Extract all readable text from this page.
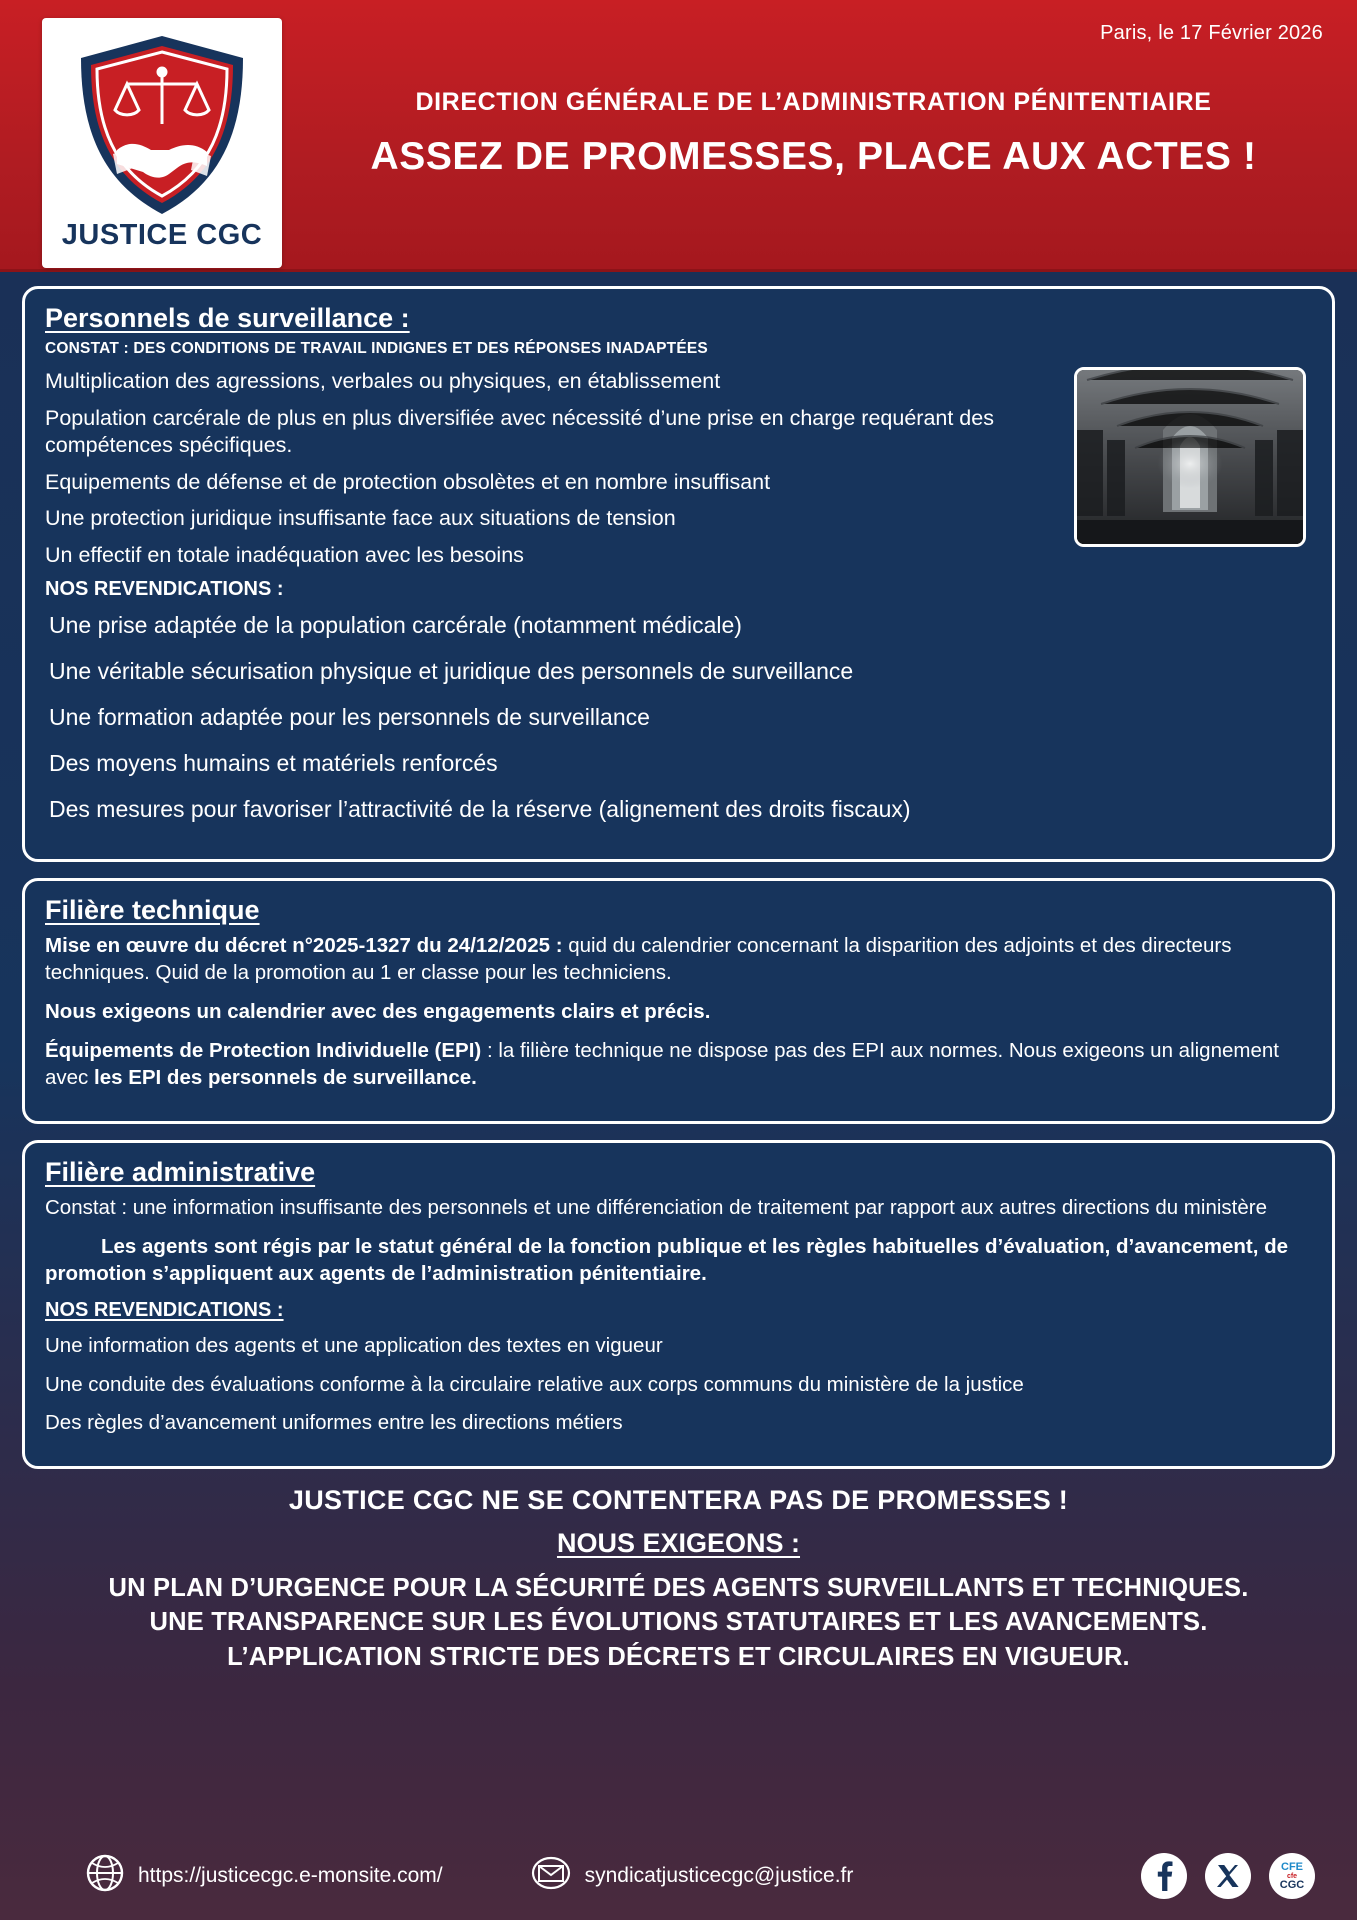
Paris, le 17 Février 2026
JUSTICE CGC
DIRECTION GÉNÉRALE DE L’ADMINISTRATION PÉNITENTIAIRE
ASSEZ DE PROMESSES, PLACE AUX ACTES !
Personnels de surveillance :
CONSTAT : DES CONDITIONS DE TRAVAIL INDIGNES ET DES RÉPONSES INADAPTÉES
Multiplication des agressions, verbales ou physiques, en établissement
Population carcérale de plus en plus diversifiée avec nécessité d’une prise en charge requérant des compétences spécifiques.
Equipements de défense et de protection obsolètes et en nombre insuffisant
Une protection juridique insuffisante face aux situations de tension
Un effectif en totale inadéquation avec les besoins
NOS REVENDICATIONS :
Une prise adaptée de la population carcérale (notamment médicale)
Une véritable sécurisation physique et juridique des personnels de surveillance
Une formation adaptée pour les personnels de surveillance
Des moyens humains et matériels renforcés
Des mesures pour favoriser l’attractivité de la réserve (alignement des droits fiscaux)
Filière technique
Mise en œuvre du décret n°2025-1327 du 24/12/2025 : quid du calendrier concernant la disparition des adjoints et des directeurs techniques. Quid de la promotion au 1 er classe pour les techniciens.
Nous exigeons un calendrier avec des engagements clairs et précis.
Équipements de Protection Individuelle (EPI) : la filière technique ne dispose pas des EPI aux normes. Nous exigeons un alignement avec les EPI des personnels de surveillance.
Filière administrative
Constat : une information insuffisante des personnels et une différenciation de traitement par rapport aux autres directions du ministère
Les agents sont régis par le statut général de la fonction publique et les règles habituelles d’évaluation, d’avancement, de promotion s’appliquent aux agents de l’administration pénitentiaire.
NOS REVENDICATIONS :
Une information des agents et une application des textes en vigueur
Une conduite des évaluations conforme à la circulaire relative aux corps communs du ministère de la justice
Des règles d’avancement uniformes entre les directions métiers
JUSTICE CGC NE SE CONTENTERA PAS DE PROMESSES !
NOUS EXIGEONS :
UN PLAN D’URGENCE POUR LA SÉCURITÉ DES AGENTS SURVEILLANTS ET TECHNIQUES.
UNE TRANSPARENCE SUR LES ÉVOLUTIONS STATUTAIRES ET LES AVANCEMENTS.
L’APPLICATION STRICTE DES DÉCRETS ET CIRCULAIRES EN VIGUEUR.
https://justicecgc.e-monsite.com/	syndicatjusticecgc@justice.fr	CFE
cfe
CGC
